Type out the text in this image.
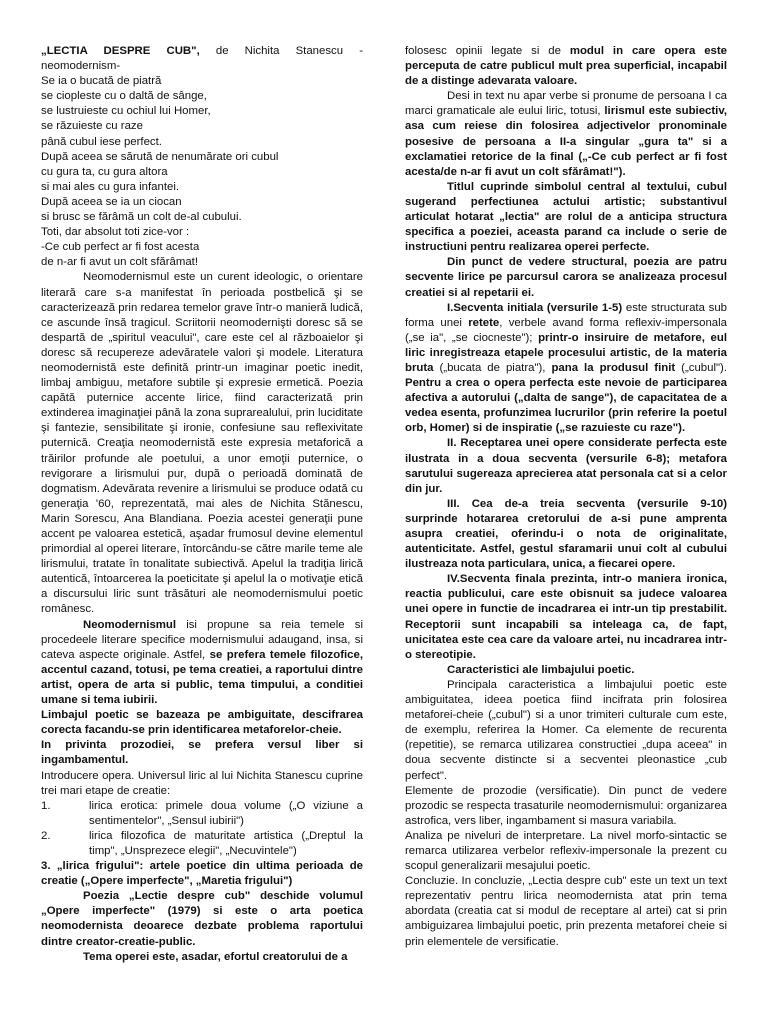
„LECTIA DESPRE CUB", de Nichita Stanescu -

neomodernism-

Se ia o bucată de piatră

se ciopleste cu o daltă de sânge,

se lustruieste cu ochiul lui Homer,

se răzuieste cu raze

până cubul iese perfect.

După aceea se sărută de nenumărate ori cubul

cu gura ta, cu gura altora

si mai ales cu gura infantei.

După aceea se ia un ciocan

si brusc se fărâmă un colt de-al cubului.

Toti, dar absolut toti zice-vor :

-Ce cub perfect ar fi fost acesta

de n-ar fi avut un colt sfărâmat!

Neomodernismul este un curent ideologic, o orientare literară care s-a manifestat în perioada postbelică şi se caracterizează prin redarea temelor grave într-o manieră ludică, ce ascunde însă tragicul. Scriitorii neomodernişti doresc să se despartă de „spiritul veacului", care este cel al războaielor şi doresc să recupereze adevăratele valori şi modele. Literatura neomodernistă este definită printr-un imaginar poetic inedit, limbaj ambiguu, metafore subtile şi expresie ermetică. Poezia capătă puternice accente lirice, fiind caracterizată prin extinderea imaginaţiei până la zona suprarealului, prin luciditate şi fantezie, sensibilitate şi ironie, confesiune sau reflexivitate puternică. Creaţia neomodernistă este expresia metaforică a trăirilor profunde ale poetului, a unor emoţii puternice, o revigorare a lirismului pur, după o perioadă dominată de dogmatism. Adevărata revenire a lirismului se produce odată cu generaţia '60, reprezentată, mai ales de Nichita Stănescu, Marin Sorescu, Ana Blandiana. Poezia acestei generaţii pune accent pe valoarea estetică, aşadar frumosul devine elementul primordial al operei literare, întorcându-se către marile teme ale lirismului, tratate în tonalitate subiectivă. Apelul la tradiţia lirică autentică, întoarcerea la poeticitate şi apelul la o motivaţie etică a discursului liric sunt trăsături ale neomodernismului poetic românesc.

Neomodernismul isi propune sa reia temele si procedeele literare specifice modernismului adaugand, insa, si cateva aspecte originale. Astfel, se prefera temele filozofice, accentul cazand, totusi, pe tema creatiei, a raportului dintre artist, opera de arta si public, tema timpului, a conditiei umane si tema iubirii.

Limbajul poetic se bazeaza pe ambiguitate, descifrarea corecta facandu-se prin identificarea metaforelor-cheie.

In privinta prozodiei, se prefera versul liber si ingambamentul.

Introducere opera. Universul liric al lui Nichita Stanescu cuprine trei mari etape de creatie:

1.	lirica erotica: primele doua volume („O viziune a sentimentelor", „Sensul iubirii")
2.	lirica filozofica de maturitate artistica („Dreptul la timp", „Unsprezece elegii", „Necuvintele")

3. „lirica frigului": artele poetice din ultima perioada de creatie („Opere imperfecte", „Maretia frigului")

Poezia „Lectie despre cub" deschide volumul „Opere imperfecte" (1979) si este o arta poetica neomodernista deoarece dezbate problema raportului dintre creator-creatie-public.

Tema operei este, asadar, efortul creatorului de a

folosesc opinii legate si de modul in care opera este perceputa de catre publicul mult prea superficial, incapabil de a distinge adevarata valoare.

Desi in text nu apar verbe si pronume de persoana I ca marci gramaticale ale eului liric, totusi, lirismul este subiectiv, asa cum reiese din folosirea adjectivelor pronominale posesive de persoana a II-a singular „gura ta" si a exclamatiei retorice de la final („-Ce cub perfect ar fi fost acesta/de n-ar fi avut un colt sfărâmat!").

Titlul cuprinde simbolul central al textului, cubul sugerand perfectiunea actului artistic; substantivul articulat hotarat „lectia" are rolul de a anticipa structura specifica a poeziei, aceasta parand ca include o serie de instructiuni pentru realizarea operei perfecte.

Din punct de vedere structural, poezia are patru secvente lirice pe parcursul carora se analizeaza procesul creatiei si al repetarii ei.

I.Secventa initiala (versurile 1-5) este structurata sub forma unei retete, verbele avand forma reflexiv-impersonala („se ia", „se ciocneste"); printr-o insiruire de metafore, eul liric inregistreaza etapele procesului artistic, de la materia bruta („bucata de piatra"), pana la produsul finit („cubul"). Pentru a crea o opera perfecta este nevoie de participarea afectiva a autorului („dalta de sange"), de capacitatea de a vedea esenta, profunzimea lucrurilor (prin referire la poetul orb, Homer) si de inspiratie („se razuieste cu raze").

II. Receptarea unei opere considerate perfecta este ilustrata in a doua secventa (versurile 6-8); metafora sarutului sugereaza aprecierea atat personala cat si a celor din jur.

III. Cea de-a treia secventa (versurile 9-10) surprinde hotararea cretorului de a-si pune amprenta asupra creatiei, oferindu-i o nota de originalitate, autenticitate. Astfel, gestul sfaramarii unui colt al cubului ilustreaza nota particulara, unica, a fiecarei opere.

IV.Secventa finala prezinta, intr-o maniera ironica, reactia publicului, care este obisnuit sa judece valoarea unei opere in functie de incadrarea ei intr-un tip prestabilit. Receptorii sunt incapabili sa inteleaga ca, de fapt, unicitatea este cea care da valoare artei, nu incadrarea intr-o stereotipie.

Caracteristici ale limbajului poetic.

Principala caracteristica a limbajului poetic este ambiguitatea, ideea poetica fiind incifrata prin folosirea metaforei-cheie („cubul") si a unor trimiteri culturale cum este, de exemplu, referirea la Homer. Ca elemente de recurenta (repetitie), se remarca utilizarea constructiei „dupa aceea" in doua secvente distincte si a secventei pleonastice „cub perfect".

Elemente de prozodie (versificatie). Din punct de vedere prozodic se respecta trasaturile neomodernismului: organizarea astrofica, vers liber, ingambament si masura variabila.

Analiza pe niveluri de interpretare. La nivel morfo-sintactic se remarca utilizarea verbelor reflexiv-impersonale la prezent cu scopul generalizarii mesajului poetic.

Concluzie. In concluzie, „Lectia despre cub" este un text un text reprezentativ pentru lirica neomodernista atat prin tema abordata (creatia cat si modul de receptare al artei) cat si prin ambiguizarea limbajului poetic, prin prezenta metaforei cheie si prin elementele de versificatie.
